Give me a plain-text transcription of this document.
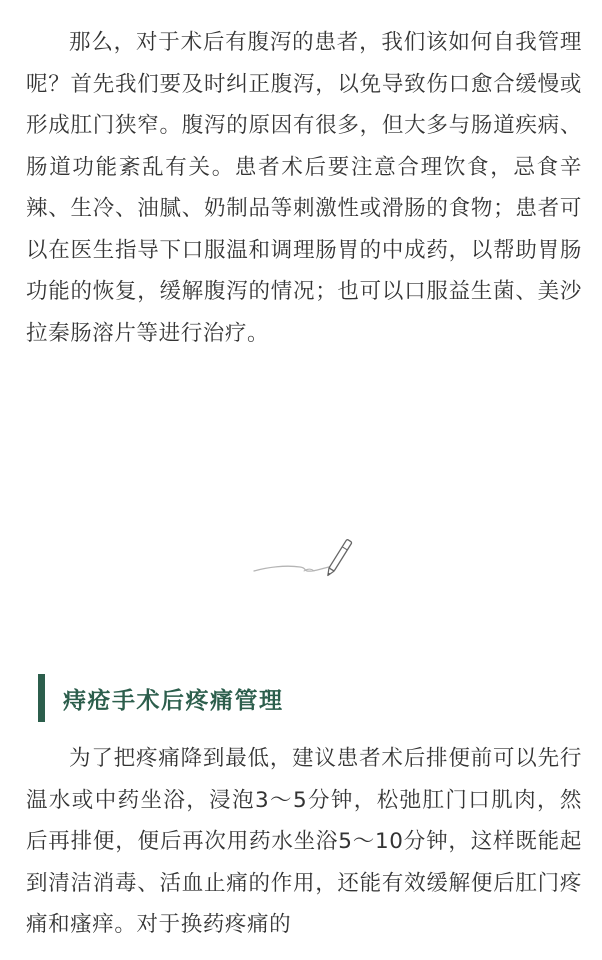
那么，对于术后有腹泻的患者，我们该如何自我管理呢？首先我们要及时纠正腹泻，以免导致伤口愈合缓慢或形成肛门狭窄。腹泻的原因有很多，但大多与肠道疾病、肠道功能紊乱有关。患者术后要注意合理饮食，忌食辛辣、生冷、油腻、奶制品等刺激性或滑肠的食物；患者可以在医生指导下口服温和调理肠胃的中成药，以帮助胃肠功能的恢复，缓解腹泻的情况；也可以口服益生菌、美沙拉秦肠溶片等进行治疗。

痔疮手术后疼痛管理

为了把疼痛降到最低，建议患者术后排便前可以先行温水或中药坐浴，浸泡3～5分钟，松弛肛门口肌肉，然后再排便，便后再次用药水坐浴5～10分钟，这样既能起到清洁消毒、活血止痛的作用，还能有效缓解便后肛门疼痛和瘙痒。对于换药疼痛的
